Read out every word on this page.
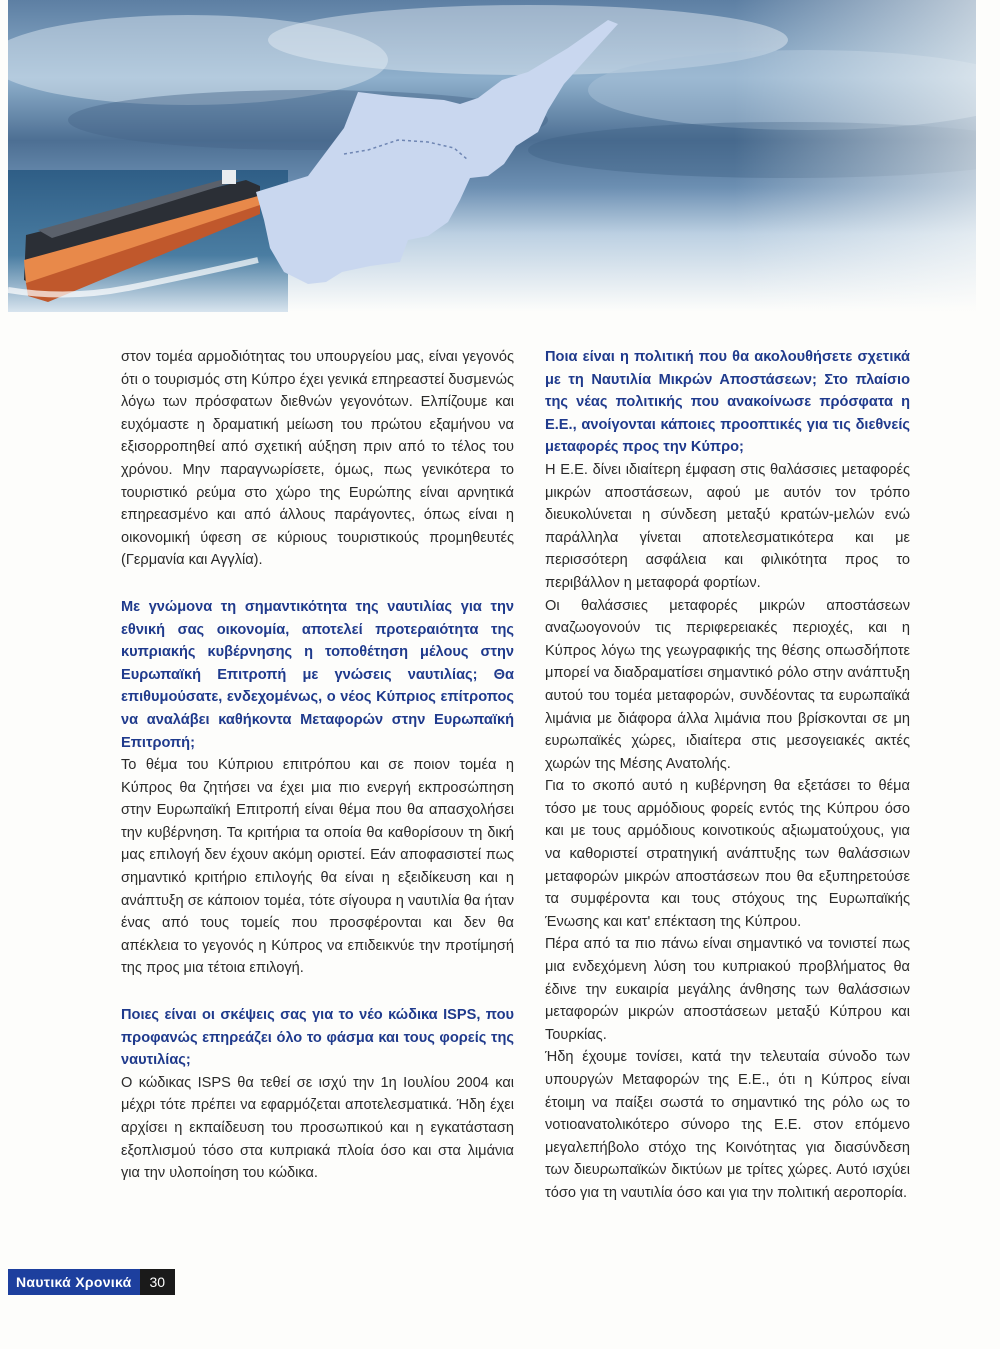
στον τομέα αρμοδιότητας του υπουργείου μας, είναι γεγονός ότι ο τουρισμός στη Κύπρο έχει γενικά επηρεαστεί δυσμενώς λόγω των πρόσφατων διεθνών γεγονότων. Ελπίζουμε και ευχόμαστε η δραματική μείωση του πρώτου εξαμήνου να εξισορροπηθεί από σχετική αύξηση πριν από το τέλος του χρόνου. Μην παραγνωρίσετε, όμως, πως γενικότερα το τουριστικό ρεύμα στο χώρο της Ευρώπης είναι αρνητικά επηρεασμένο και από άλλους παράγοντες, όπως είναι η οικονομική ύφεση σε κύριους τουριστικούς προμηθευτές (Γερμανία και Αγγλία).

Με γνώμονα τη σημαντικότητα της ναυτιλίας για την εθνική σας οικονομία, αποτελεί προτεραιότητα της κυπριακής κυβέρνησης η τοποθέτηση μέλους στην Ευρωπαϊκή Επιτροπή με γνώσεις ναυτιλίας; Θα επιθυμούσατε, ενδεχομένως, ο νέος Κύπριος επίτροπος να αναλάβει καθήκοντα Μεταφορών στην Ευρωπαϊκή Επιτροπή;

Το θέμα του Κύπριου επιτρόπου και σε ποιον τομέα η Κύπρος θα ζητήσει να έχει μια πιο ενεργή εκπροσώπηση στην Ευρωπαϊκή Επιτροπή είναι θέμα που θα απασχολήσει την κυβέρνηση. Τα κριτήρια τα οποία θα καθορίσουν τη δική μας επιλογή δεν έχουν ακόμη οριστεί. Εάν αποφασιστεί πως σημαντικό κριτήριο επιλογής θα είναι η εξειδίκευση και η ανάπτυξη σε κάποιον τομέα, τότε σίγουρα η ναυτιλία θα ήταν ένας από τους τομείς που προσφέρονται και δεν θα απέκλεια το γεγονός η Κύπρος να επιδεικνύε την προτίμησή της προς μια τέτοια επιλογή.

Ποιες είναι οι σκέψεις σας για το νέο κώδικα ISPS, που προφανώς επηρεάζει όλο το φάσμα και τους φορείς της ναυτιλίας;

Ο κώδικας ISPS θα τεθεί σε ισχύ την 1η Ιουλίου 2004 και μέχρι τότε πρέπει να εφαρμόζεται αποτελεσματικά. Ήδη έχει αρχίσει η εκπαίδευση του προσωπικού και η εγκατάσταση εξοπλισμού τόσο στα κυπριακά πλοία όσο και στα λιμάνια για την υλοποίηση του κώδικα.

Ποια είναι η πολιτική που θα ακολουθήσετε σχετικά με τη Ναυτιλία Μικρών Αποστάσεων; Στο πλαίσιο της νέας πολιτικής που ανακοίνωσε πρόσφατα η Ε.Ε., ανοίγονται κάποιες προοπτικές για τις διεθνείς μεταφορές προς την Κύπρο;

Η Ε.Ε. δίνει ιδιαίτερη έμφαση στις θαλάσσιες μεταφορές μικρών αποστάσεων, αφού με αυτόν τον τρόπο διευκολύνεται η σύνδεση μεταξύ κρατών-μελών ενώ παράλληλα γίνεται αποτελεσματικότερα και με περισσότερη ασφάλεια και φιλικότητα προς το περιβάλλον η μεταφορά φορτίων.

Οι θαλάσσιες μεταφορές μικρών αποστάσεων αναζωογονούν τις περιφερειακές περιοχές, και η Κύπρος λόγω της γεωγραφικής της θέσης οπωσδήποτε μπορεί να διαδραματίσει σημαντικό ρόλο στην ανάπτυξη αυτού του τομέα μεταφορών, συνδέοντας τα ευρωπαϊκά λιμάνια με διάφορα άλλα λιμάνια που βρίσκονται σε μη ευρωπαϊκές χώρες, ιδιαίτερα στις μεσογειακές ακτές χωρών της Μέσης Ανατολής.

Για το σκοπό αυτό η κυβέρνηση θα εξετάσει το θέμα τόσο με τους αρμόδιους φορείς εντός της Κύπρου όσο και με τους αρμόδιους κοινοτικούς αξιωματούχους, για να καθοριστεί στρατηγική ανάπτυξης των θαλάσσιων μεταφορών μικρών αποστάσεων που θα εξυπηρετούσε τα συμφέροντα και τους στόχους της Ευρωπαϊκής Ένωσης και κατ' επέκταση της Κύπρου.

Πέρα από τα πιο πάνω είναι σημαντικό να τονιστεί πως μια ενδεχόμενη λύση του κυπριακού προβλήματος θα έδινε την ευκαιρία μεγάλης άνθησης των θαλάσσιων μεταφορών μικρών αποστάσεων μεταξύ Κύπρου και Τουρκίας.

Ήδη έχουμε τονίσει, κατά την τελευταία σύνοδο των υπουργών Μεταφορών της Ε.Ε., ότι η Κύπρος είναι έτοιμη να παίξει σωστά το σημαντικό της ρόλο ως το νοτιοανατολικότερο σύνορο της Ε.Ε. στον επόμενο μεγαλεπήβολο στόχο της Κοινότητας για διασύνδεση των διευρωπαϊκών δικτύων με τρίτες χώρες. Αυτό ισχύει τόσο για τη ναυτιλία όσο και για την πολιτική αεροπορία.

Ναυτικά Χρονικά	30
